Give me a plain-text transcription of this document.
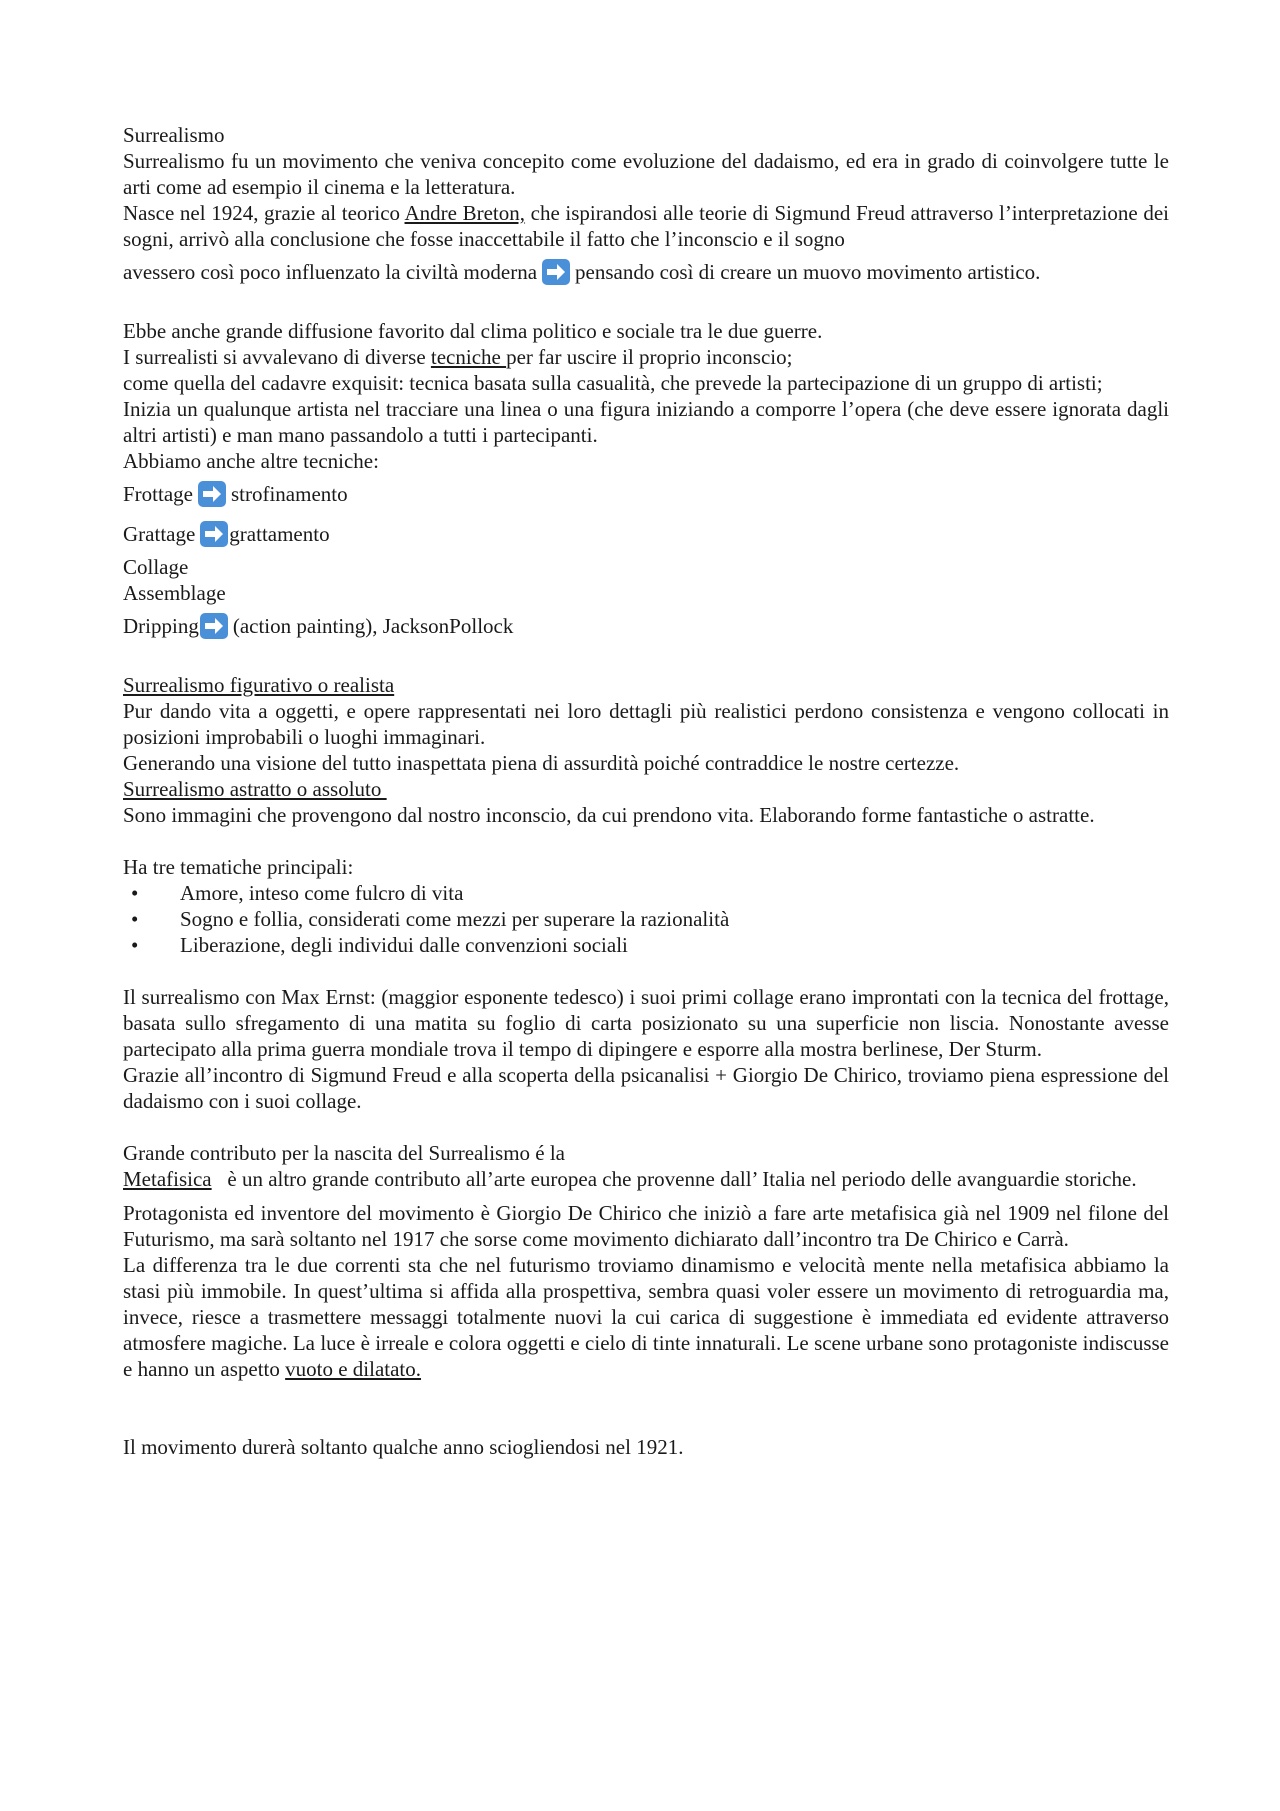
Surrealismo

Surrealismo fu un movimento che veniva concepito come evoluzione del dadaismo, ed era in grado di coinvolgere tutte le arti come ad esempio il cinema e la letteratura.

Nasce nel 1924, grazie al teorico Andre Breton, che ispirandosi alle teorie di Sigmund Freud attraverso l’interpretazione dei sogni, arrivò alla conclusione che fosse inaccettabile il fatto che l’inconscio e il sogno

avessero così poco influenzato la civiltà moderna pensando così di creare un muovo movimento artistico.

Ebbe anche grande diffusione favorito dal clima politico e sociale tra le due guerre.

I surrealisti si avvalevano di diverse tecniche per far uscire il proprio inconscio;

come quella del cadavre exquisit: tecnica basata sulla casualità, che prevede la partecipazione di un gruppo di artisti;

Inizia un qualunque artista nel tracciare una linea o una figura iniziando a comporre l’opera (che deve essere ignorata dagli altri artisti) e man mano passandolo a tutti i partecipanti.

Abbiamo anche altre tecniche:

Frottage strofinamento

Grattage grattamento

Collage

Assemblage

Dripping (action painting), JacksonPollock

Surrealismo figurativo o realista

Pur dando vita a oggetti, e opere rappresentati nei loro dettagli più realistici perdono consistenza e vengono collocati in posizioni improbabili o luoghi immaginari.

Generando una visione del tutto inaspettata piena di assurdità poiché contraddice le nostre certezze.

Surrealismo astratto o assoluto

Sono immagini che provengono dal nostro inconscio, da cui prendono vita. Elaborando forme fantastiche o astratte.

Ha tre tematiche principali:

• Amore, inteso come fulcro di vita
• Sogno e follia, considerati come mezzi per superare la razionalità
• Liberazione, degli individui dalle convenzioni sociali

Il surrealismo con Max Ernst: (maggior esponente tedesco) i suoi primi collage erano improntati con la tecnica del frottage, basata sullo sfregamento di una matita su foglio di carta posizionato su una superficie non liscia. Nonostante avesse partecipato alla prima guerra mondiale trova il tempo di dipingere e esporre alla mostra berlinese, Der Sturm.

Grazie all’incontro di Sigmund Freud e alla scoperta della psicanalisi + Giorgio De Chirico, troviamo piena espressione del dadaismo con i suoi collage.

Grande contributo per la nascita del Surrealismo é la

Metafisica   è un altro grande contributo all’arte europea che provenne dall’ Italia nel periodo delle avanguardie storiche.

Protagonista ed inventore del movimento è Giorgio De Chirico che iniziò a fare arte metafisica già nel 1909 nel filone del Futurismo, ma sarà soltanto nel 1917 che sorse come movimento dichiarato dall’incontro tra De Chirico e Carrà.

La differenza tra le due correnti sta che nel futurismo troviamo dinamismo e velocità mente nella metafisica abbiamo la stasi più immobile. In quest’ultima si affida alla prospettiva, sembra quasi voler essere un movimento di retroguardia ma, invece, riesce a trasmettere messaggi totalmente nuovi la cui carica di suggestione è immediata ed evidente attraverso atmosfere magiche. La luce è irreale e colora oggetti e cielo di tinte innaturali. Le scene urbane sono protagoniste indiscusse e hanno un aspetto vuoto e dilatato.

Il movimento durerà soltanto qualche anno sciogliendosi nel 1921.
